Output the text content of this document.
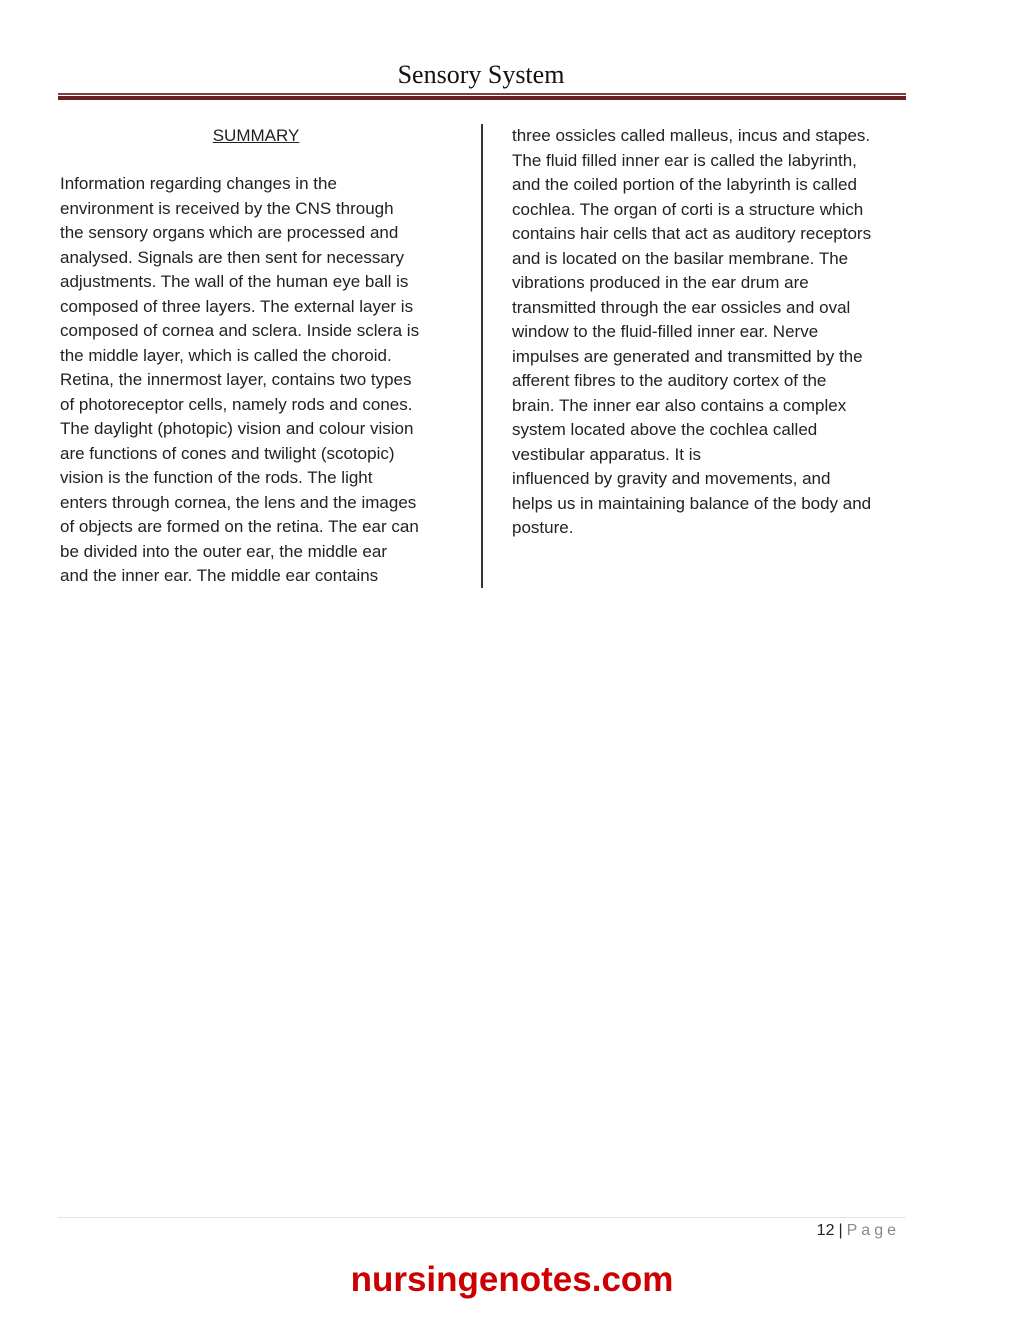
Sensory System
SUMMARY
Information regarding changes in the
environment is received by the CNS through
the sensory organs which are processed and
analysed. Signals are then sent for necessary
adjustments. The wall of the human eye ball is
composed of three layers. The external layer is
composed of cornea and sclera. Inside sclera is
the middle layer, which is called the choroid.
Retina, the innermost layer, contains two types
of photoreceptor cells, namely rods and cones.
The daylight (photopic) vision and colour vision
are functions of cones and twilight (scotopic)
vision is the function of the rods. The light
enters through cornea, the lens and the images
of objects are formed on the retina. The ear can
be divided into the outer ear, the middle ear
and the inner ear. The middle ear contains
three ossicles called malleus, incus and stapes.
The fluid filled inner ear is called the labyrinth,
and the coiled portion of the labyrinth is called
cochlea. The organ of corti is a structure which
contains hair cells that act as auditory receptors
and is located on the basilar membrane. The
vibrations produced in the ear drum are
transmitted through the ear ossicles and oval
window to the fluid-filled inner ear. Nerve
impulses are generated and transmitted by the
afferent fibres to the auditory cortex of the
brain. The inner ear also contains a complex
system located above the cochlea called
vestibular apparatus. It is
influenced by gravity and movements, and
helps us in maintaining balance of the body and
posture.
12 | Page
nursingenotes.com
